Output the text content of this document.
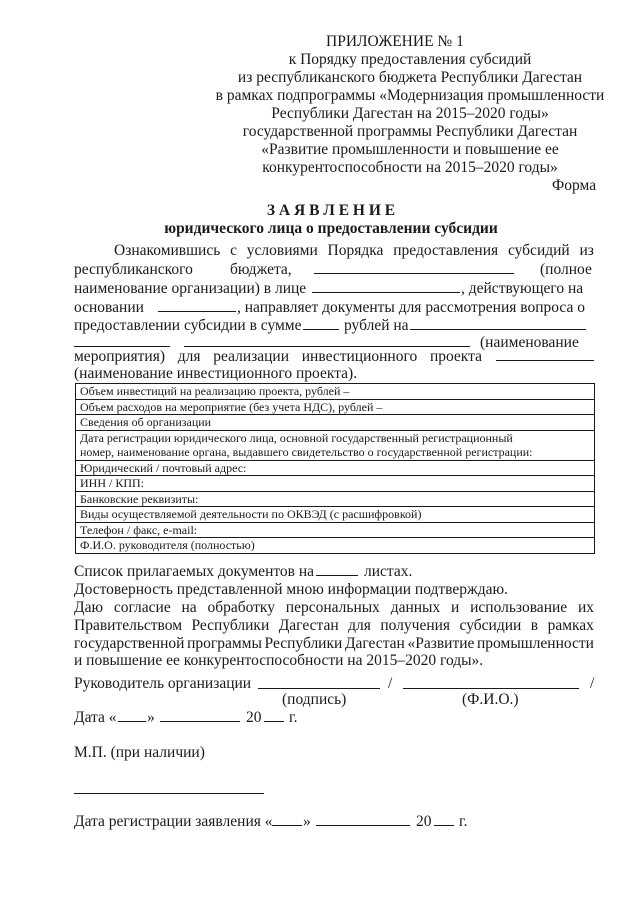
ПРИЛОЖЕНИЕ № 1
к Порядку предоставления субсидий
из республиканского бюджета Республики Дагестан
в рамках подпрограммы «Модернизация промышленности
Республики Дагестан на 2015–2020 годы»
государственной программы Республики Дагестан
«Развитие промышленности и повышение ее
конкурентоспособности на 2015–2020 годы»
Форма
З А Я В Л Е Н И Е
юридического лица о предоставлении субсидии
Ознакомившись с условиями Порядка предоставления субсидий из
республиканского бюджета,	(полное
наименование организации) в лице	, действующего на
основании	, направляет документы для рассмотрения вопроса о
предоставлении субсидии в сумме	рублей на
(наименование
мероприятия) для реализации инвестиционного проекта
(наименование инвестиционного проекта).
Объем инвестиций на реализацию проекта, рублей –
Объем расходов на мероприятие (без учета НДС), рублей –
Сведения об организации
Дата регистрации юридического лица, основной государственный регистрационный
номер, наименование органа, выдавшего свидетельство о государственной регистрации:
Юридический / почтовый адрес:
ИНН / КПП:
Банковские реквизиты:
Виды осуществляемой деятельности по ОКВЭД (с расшифровкой)
Телефон / факс, e-mail:
Ф.И.О. руководителя (полностью)
Список прилагаемых документов на	листах.
Достоверность представленной мною информации подтверждаю.
Даю согласие на обработку персональных данных и использование их
Правительством Республики Дагестан для получения субсидии в рамках
государственной программы Республики Дагестан «Развитие промышленности
и повышение ее конкурентоспособности на 2015–2020 годы».
Руководитель организации	/	/
(подпись)	(Ф.И.О.)
Дата « »	20 г.
М.П. (при наличии)
Дата регистрации заявления « »	20 г.
